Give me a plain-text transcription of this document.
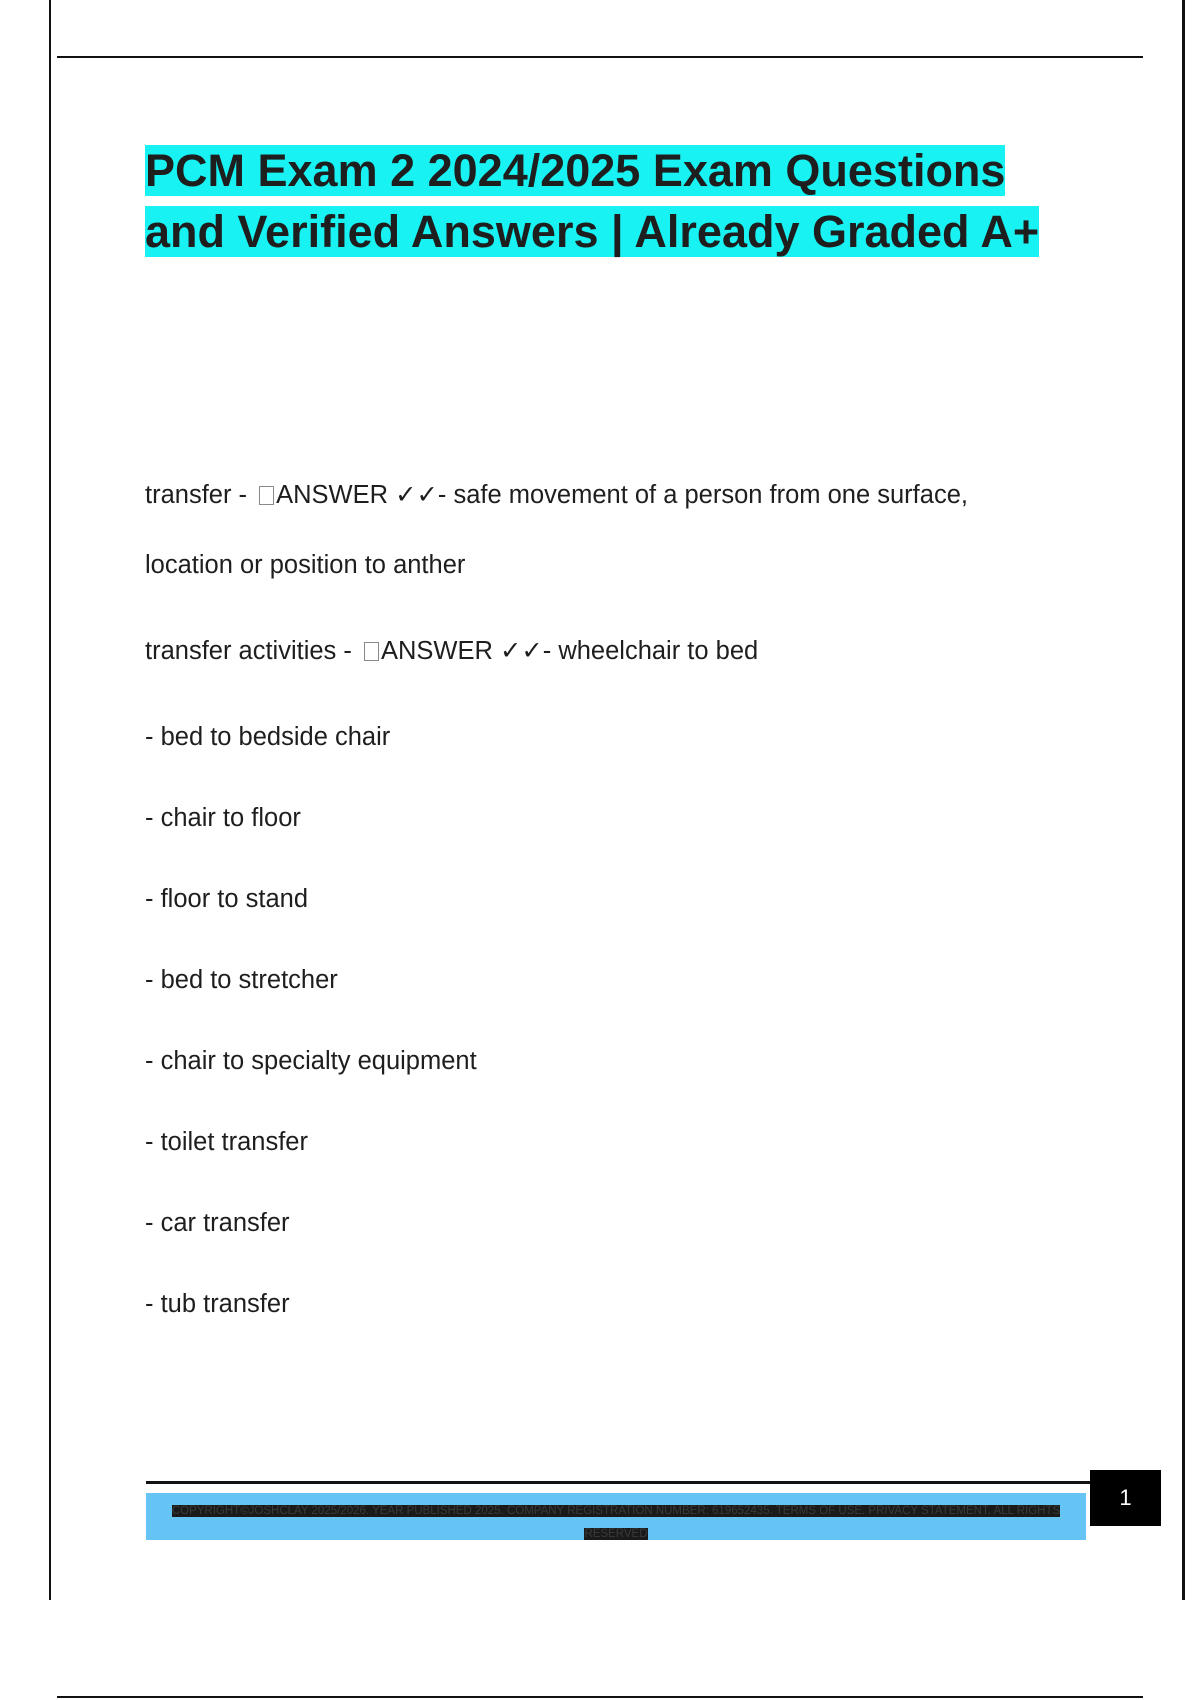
PCM Exam 2 2024/2025 Exam Questions and Verified Answers | Already Graded A+

transfer - ANSWER ✓✓- safe movement of a person from one surface,

location or position to anther

transfer activities - ANSWER ✓✓- wheelchair to bed

- bed to bedside chair

- chair to floor

- floor to stand

- bed to stretcher

- chair to specialty equipment

- toilet transfer

- car transfer

- tub transfer

COPYRIGHT©JOSHCLAY 2025/2026. YEAR PUBLISHED 2025. COMPANY REGISTRATION NUMBER: 619652435. TERMS OF USE. PRIVACY STATEMENT. ALL RIGHTS RESERVED
1
